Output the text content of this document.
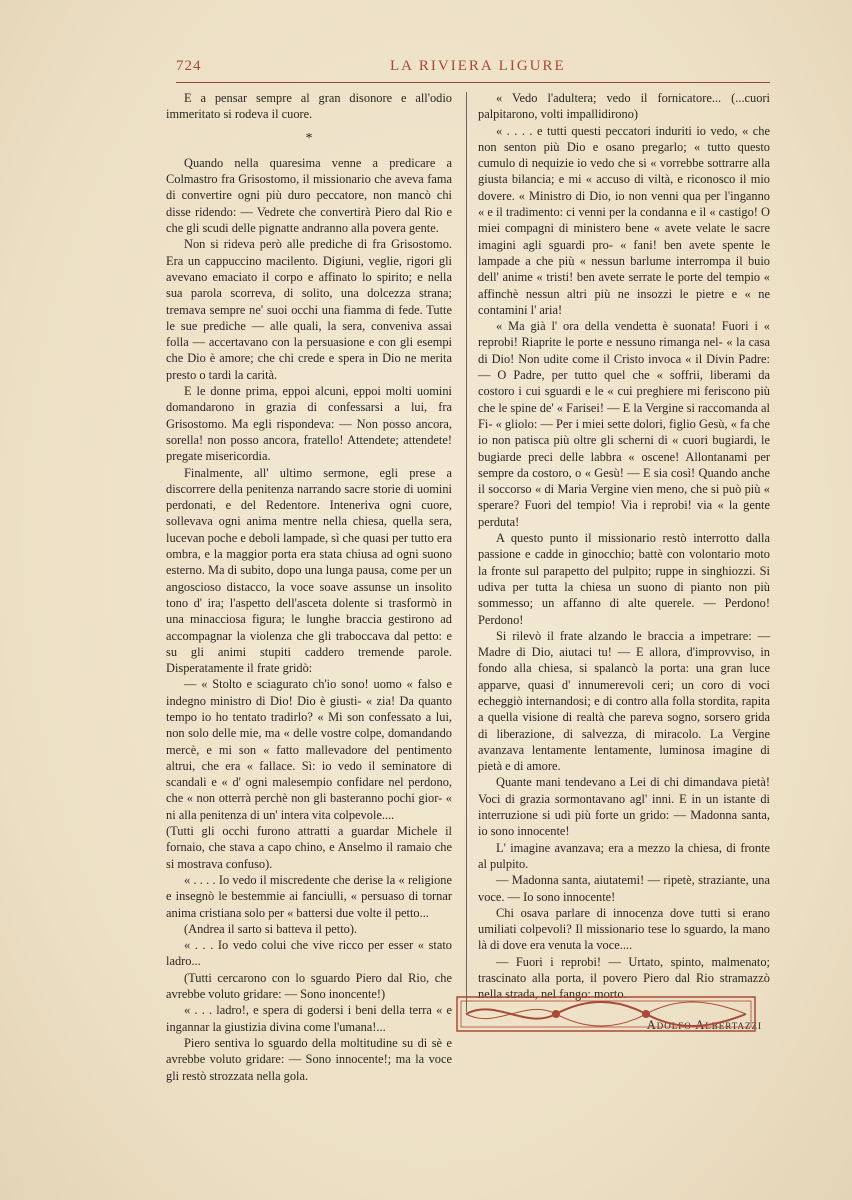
724	LA RIVIERA LIGURE

E a pensar sempre al gran disonore e all'odio immeritato si rodeva il cuore.

*

Quando nella quaresima venne a predicare a Colmastro fra Grisostomo, il missionario che aveva fama di convertire ogni più duro peccatore, non mancò chi disse ridendo: — Vedrete che convertirà Piero dal Rio e che gli scudi delle pignatte andranno alla povera gente.

Non si rideva però alle prediche di fra Grisostomo. Era un cappuccino macilento. Digiuni, veglie, rigori gli avevano emaciato il corpo e affinato lo spirito; e nella sua parola scorreva, di solito, una dolcezza strana; tremava sempre ne' suoi occhi una fiamma di fede. Tutte le sue prediche — alle quali, la sera, conveniva assai folla — accertavano con la persuasione e con gli esempi che Dio è amore; che chi crede e spera in Dio ne merita presto o tardi la carità.

E le donne prima, eppoi alcuni, eppoi molti uomini domandarono in grazia di confessarsi a lui, fra Grisostomo. Ma egli rispondeva: — Non posso ancora, sorella! non posso ancora, fratello! Attendete; attendete! pregate misericordia.

Finalmente, all' ultimo sermone, egli prese a discorrere della penitenza narrando sacre storie di uomini perdonati, e del Redentore. Inteneriva ogni cuore, sollevava ogni anima mentre nella chiesa, quella sera, lucevan poche e deboli lampade, sì che quasi per tutto era ombra, e la maggior porta era stata chiusa ad ogni suono esterno. Ma di subito, dopo una lunga pausa, come per un angoscioso distacco, la voce soave assunse un insolito tono d' ira; l'aspetto dell'asceta dolente si trasformò in una minacciosa figura; le lunghe braccia gestirono ad accompagnar la violenza che gli traboccava dal petto: e su gli animi stupiti caddero tremende parole. Disperatamente il frate gridò:

— « Stolto e sciagurato ch'io sono! uomo « falso e indegno ministro di Dio! Dio è giusti- « zia! Da quanto tempo io ho tentato tradirlo? « Mi son confessato a lui, non solo delle mie, ma « delle vostre colpe, domandando mercè, e mi son « fatto mallevadore del pentimento altrui, che era « fallace. Sì: io vedo il seminatore di scandali e « d' ogni malesempio confidare nel perdono, che « non otterrà perchè non gli basteranno pochi gior- « ni alla penitenza di un' intera vita colpevole....

(Tutti gli occhi furono attratti a guardar Michele il fornaio, che stava a capo chino, e Anselmo il ramaio che si mostrava confuso).

« . . . . Io vedo il miscredente che derise la « religione e insegnò le bestemmie ai fanciulli, « persuaso di tornar anima cristiana solo per « battersi due volte il petto...

(Andrea il sarto si batteva il petto).

« . . . Io vedo colui che vive ricco per esser « stato ladro...

(Tutti cercarono con lo sguardo Piero dal Rio, che avrebbe voluto gridare: — Sono inoncente!)

« . . . ladro!, e spera di godersi i beni della terra « e ingannar la giustizia divina come l'umana!...

Piero sentiva lo sguardo della moltitudine su di sè e avrebbe voluto gridare: — Sono innocente!; ma la voce gli restò strozzata nella gola.

« Vedo l'adultera; vedo il fornicatore... (...cuori palpitarono, volti impallidirono)

« . . . . e tutti questi peccatori induriti io vedo, « che non senton più Dio e osano pregarlo; « tutto questo cumulo di nequizie io vedo che si « vorrebbe sottrarre alla giusta bilancia; e mi « accuso di viltà, e riconosco il mio dovere. « Ministro di Dio, io non venni qua per l'inganno « e il tradimento: ci venni per la condanna e il « castigo! O miei compagni di ministero bene « avete velate le sacre imagini agli sguardi pro- « fani! ben avete spente le lampade a che più « nessun barlume interrompa il buio dell' anime « tristi! ben avete serrate le porte del tempio « affinchè nessun altri più ne insozzi le pietre e « ne contamini l' aria!

« Ma già l' ora della vendetta è suonata! Fuori i « reprobi! Riaprite le porte e nessuno rimanga nel- « la casa di Dio! Non udite come il Cristo invoca « il Divin Padre: — O Padre, per tutto quel che « soffrii, liberami da costoro i cui sguardi e le « cui preghiere mi feriscono più che le spine de' « Farisei! — E la Vergine si raccomanda al Fi- « gliolo: — Per i miei sette dolori, figlio Gesù, « fa che io non patisca più oltre gli scherni di « cuori bugiardi, le bugiarde preci delle labbra « oscene! Allontanami per sempre da costoro, o « Gesù! — E sia così! Quando anche il soccorso « di Maria Vergine vien meno, che si può più « sperare? Fuori del tempio! Via i reprobi! via « la gente perduta!

A questo punto il missionario restò interrotto dalla passione e cadde in ginocchio; battè con volontario moto la fronte sul parapetto del pulpito; ruppe in singhiozzi. Si udiva per tutta la chiesa un suono di pianto non più sommesso; un affanno di alte querele. — Perdono! Perdono!

Si rilevò il frate alzando le braccia a impetrare: — Madre di Dio, aiutaci tu! — E allora, d'improvviso, in fondo alla chiesa, si spalancò la porta: una gran luce apparve, quasi d' innumerevoli ceri; un coro di voci echeggiò internandosi; e di contro alla folla stordita, rapita a quella visione di realtà che pareva sogno, sorsero grida di liberazione, di salvezza, di miracolo. La Vergine avanzava lentamente lentamente, luminosa imagine di pietà e di amore.

Quante mani tendevano a Lei di chi dimandava pietà! Voci di grazia sormontavano agl' inni. E in un istante di interruzione si udì più forte un grido: — Madonna santa, io sono innocente!

L' imagine avanzava; era a mezzo la chiesa, di fronte al pulpito.

— Madonna santa, aiutatemi! — ripetè, straziante, una voce. — Io sono innocente!

Chi osava parlare di innocenza dove tutti si erano umiliati colpevoli? Il missionario tese lo sguardo, la mano là di dove era venuta la voce....

— Fuori i reprobi! — Urtato, spinto, malmenato; trascinato alla porta, il povero Piero dal Rio stramazzò nella strada, nel fango: morto.

Adolfo Albertazzi
